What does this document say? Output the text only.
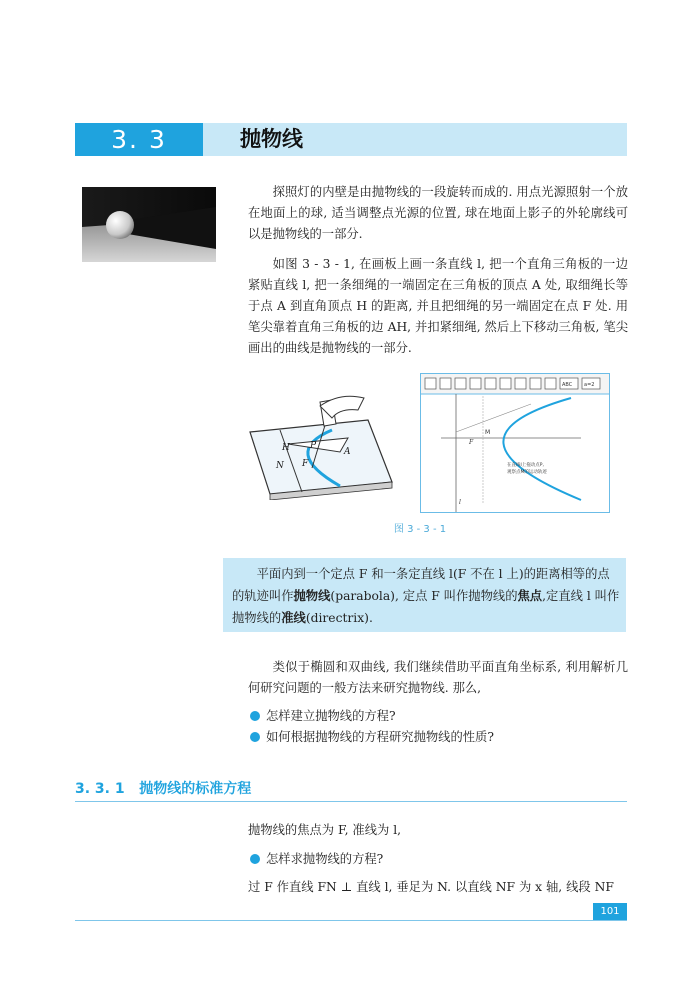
3. 3	抛物线
探照灯的内壁是由抛物线的一段旋转而成的. 用点光源照射一个放在地面上的球, 适当调整点光源的位置, 球在地面上影子的外轮廓线可以是抛物线的一部分.
如图 3 - 3 - 1, 在画板上画一条直线 l, 把一个直角三角板的一边紧贴直线 l, 把一条细绳的一端固定在三角板的顶点 A 处, 取细绳长等于点 A 到直角顶点 H 的距离, 并且把细绳的另一端固定在点 F 处. 用笔尖靠着直角三角板的边 AH, 并扣紧细绳, 然后上下移动三角板, 笔尖画出的曲线是抛物线的一部分.
H	A
P
N F
ABC a=2
M
F
l
在直线l上拖动点P,
观察点M的运动轨迹
图 3 - 3 - 1
平面内到一个定点 F 和一条定直线 l(F 不在 l 上)的距离相等的点的轨迹叫作抛物线(parabola), 定点 F 叫作抛物线的焦点,定直线 l 叫作抛物线的准线(directrix).
类似于椭圆和双曲线, 我们继续借助平面直角坐标系, 利用解析几何研究问题的一般方法来研究抛物线. 那么,
怎样建立抛物线的方程?
如何根据抛物线的方程研究抛物线的性质?
3. 3. 1 抛物线的标准方程
抛物线的焦点为 F, 准线为 l,
怎样求抛物线的方程?
过 F 作直线 FN ⊥ 直线 l, 垂足为 N. 以直线 NF 为 x 轴, 线段 NF
101
